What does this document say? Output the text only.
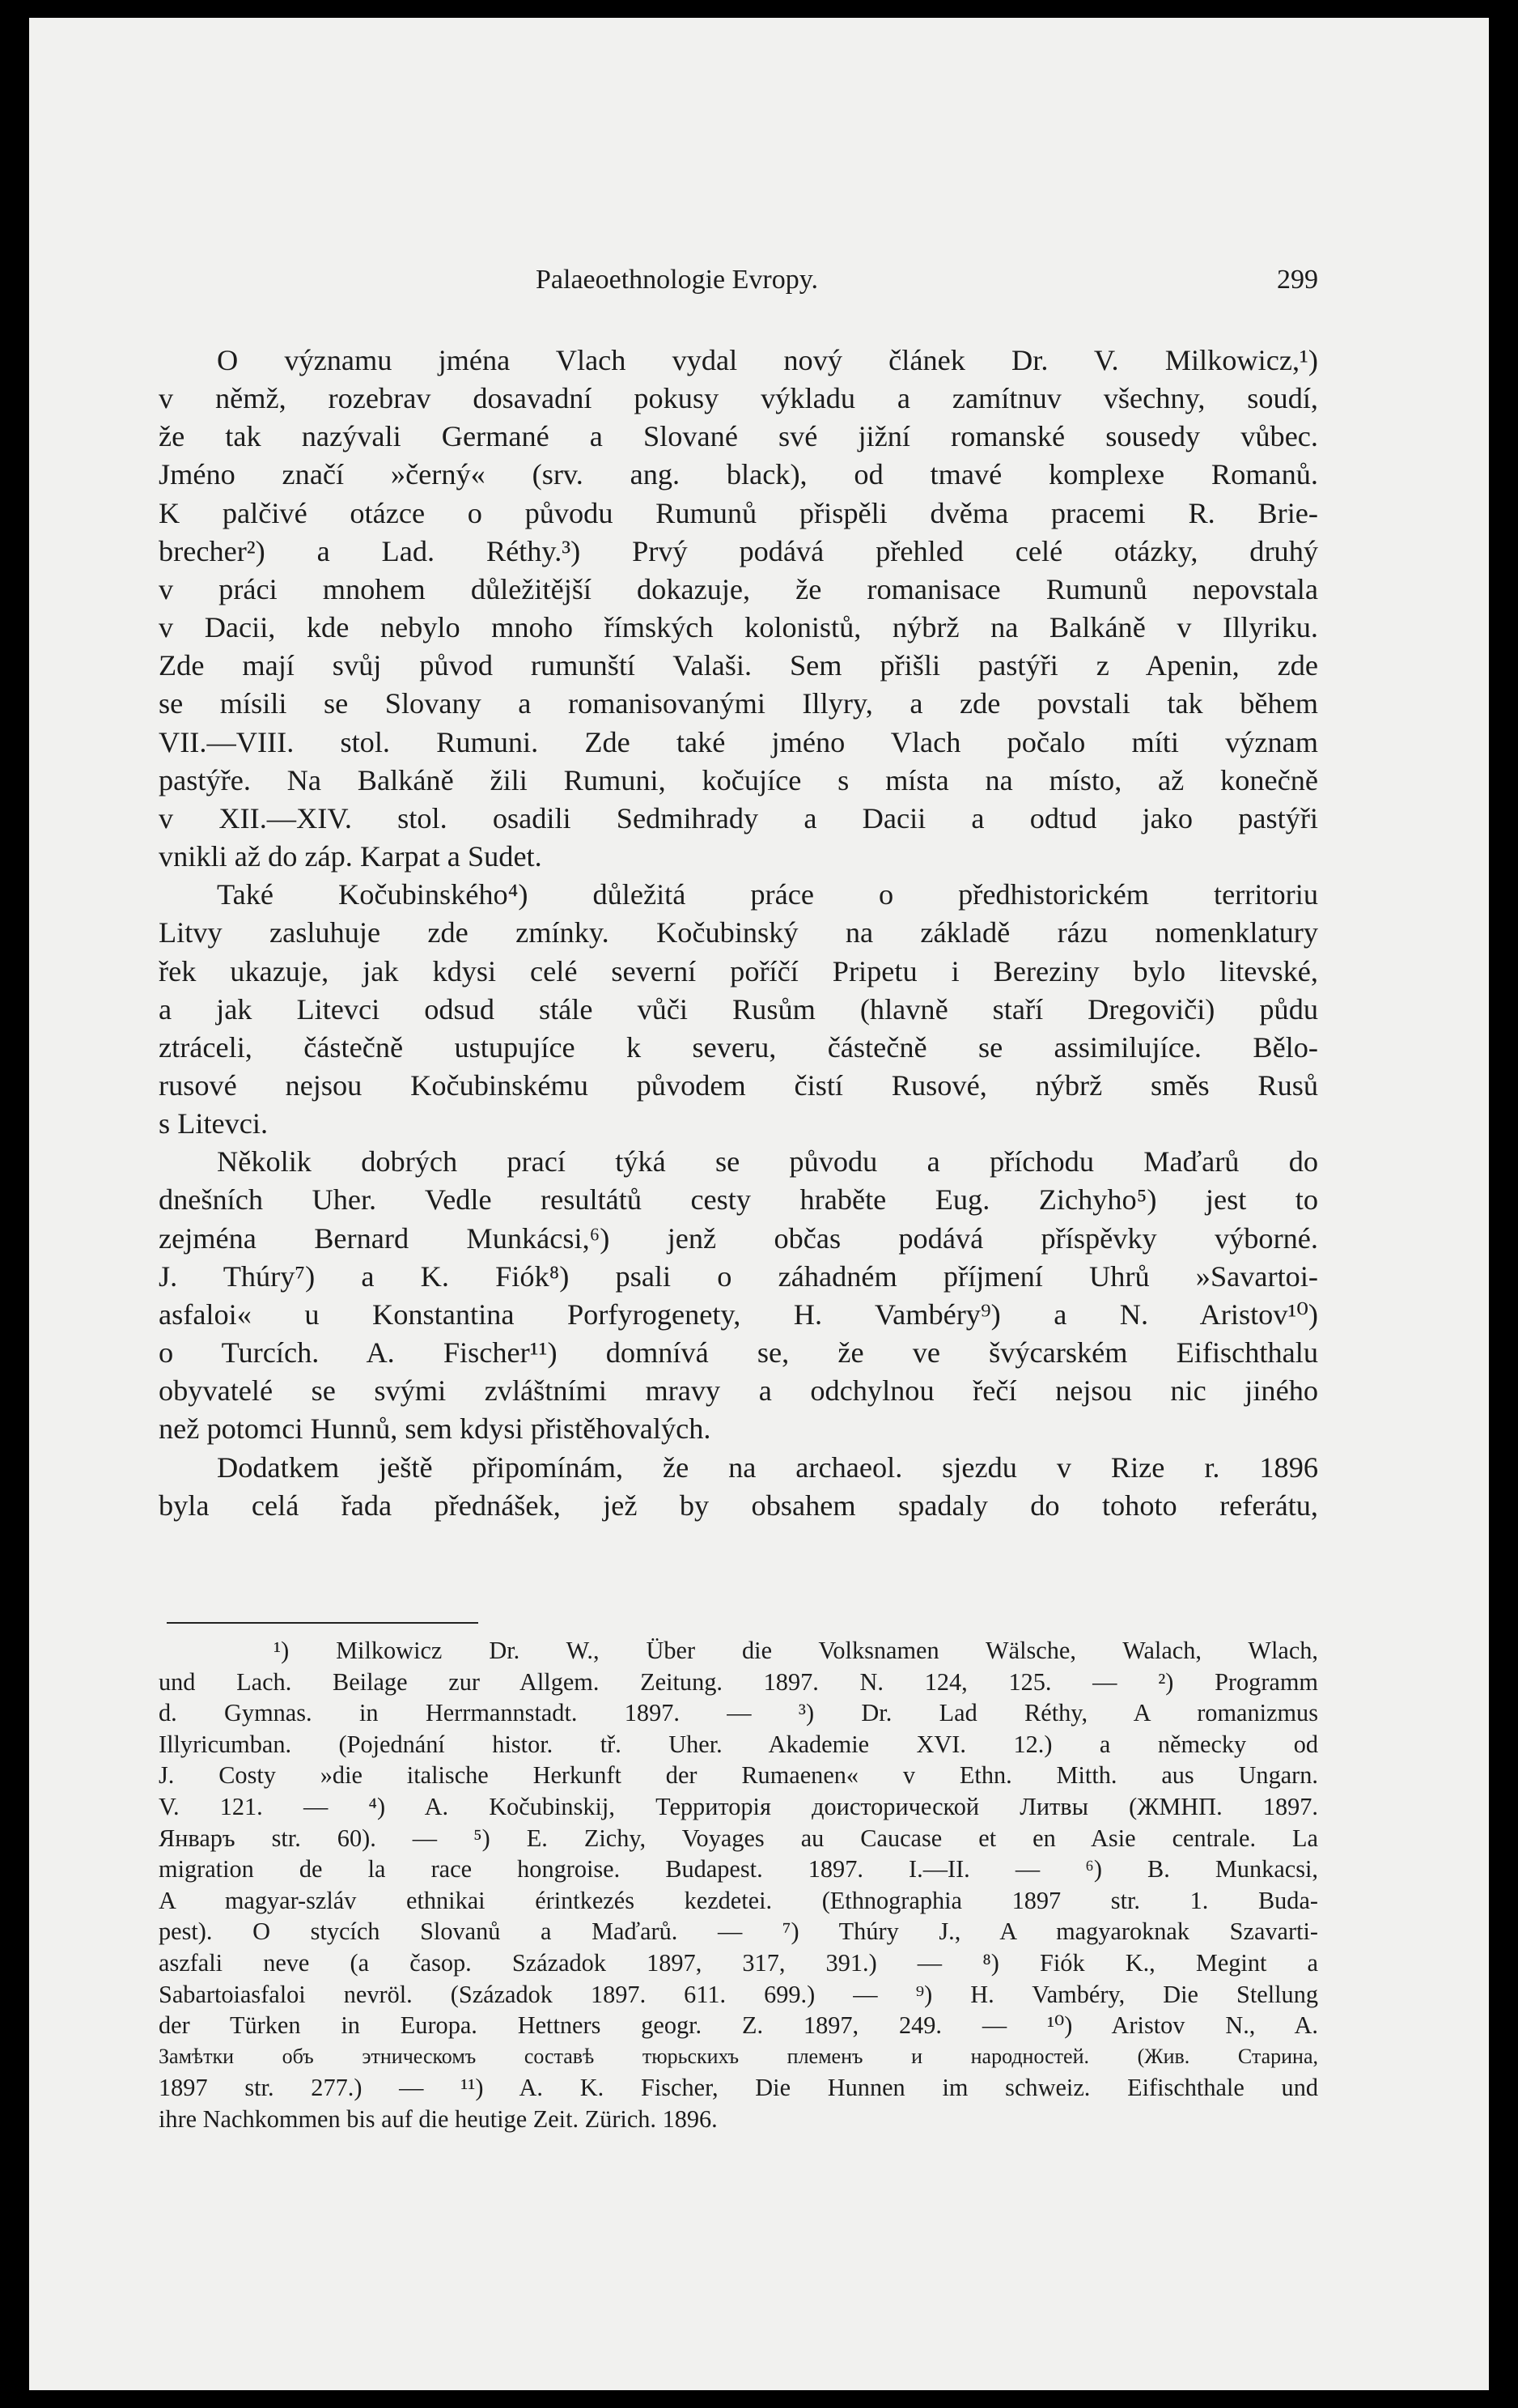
Palaeoethnologie Evropy.	299
O významu jména Vlach vydal nový článek Dr. V. Milkowicz,¹)
v němž, rozebrav dosavadní pokusy výkladu a zamítnuv všechny, soudí,
že tak nazývali Germané a Slované své jižní romanské sousedy vůbec.
Jméno značí »černý« (srv. ang. black), od tmavé komplexe Romanů.
K palčivé otázce o původu Rumunů přispěli dvěma pracemi R. Brie-
brecher²) a Lad. Réthy.³) Prvý podává přehled celé otázky, druhý
v práci mnohem důležitější dokazuje, že romanisace Rumunů nepovstala
v Dacii, kde nebylo mnoho římských kolonistů, nýbrž na Balkáně v Illyriku.
Zde mají svůj původ rumunští Valaši. Sem přišli pastýři z Apenin, zde
se mísili se Slovany a romanisovanými Illyry, a zde povstali tak během
VII.—VIII. stol. Rumuni. Zde také jméno Vlach počalo míti význam
pastýře. Na Balkáně žili Rumuni, kočujíce s místa na místo, až konečně
v XII.—XIV. stol. osadili Sedmihrady a Dacii a odtud jako pastýři
vnikli až do záp. Karpat a Sudet.
Také Kočubinského⁴) důležitá práce o předhistorickém territoriu
Litvy zasluhuje zde zmínky. Kočubinský na základě rázu nomenklatury
řek ukazuje, jak kdysi celé severní poříčí Pripetu i Bereziny bylo litevské,
a jak Litevci odsud stále vůči Rusům (hlavně staří Dregoviči) půdu
ztráceli, částečně ustupujíce k severu, částečně se assimilujíce. Bělo-
rusové nejsou Kočubinskému původem čistí Rusové, nýbrž směs Rusů
s Litevci.
Několik dobrých prací týká se původu a příchodu Maďarů do
dnešních Uher. Vedle resultátů cesty hraběte Eug. Zichyho⁵) jest to
zejména Bernard Munkácsi,⁶) jenž občas podává příspěvky výborné.
J. Thúry⁷) a K. Fiók⁸) psali o záhadném příjmení Uhrů »Savartoi-
asfaloi« u Konstantina Porfyrogenety, H. Vambéry⁹) a N. Aristov¹⁰)
o Turcích. A. Fischer¹¹) domnívá se, že ve švýcarském Eifischthalu
obyvatelé se svými zvláštními mravy a odchylnou řečí nejsou nic jiného
než potomci Hunnů, sem kdysi přistěhovalých.
Dodatkem ještě připomínám, že na archaeol. sjezdu v Rize r. 1896
byla celá řada přednášek, jež by obsahem spadaly do tohoto referátu,
¹) Milkowicz Dr. W., Über die Volksnamen Wälsche, Walach, Wlach,
und Lach. Beilage zur Allgem. Zeitung. 1897. N. 124, 125. — ²) Programm
d. Gymnas. in Herrmannstadt. 1897. — ³) Dr. Lad Réthy, A romanizmus
Illyricumban. (Pojednání histor. tř. Uher. Akademie XVI. 12.) a německy od
J. Costy »die italische Herkunft der Rumaenen« v Ethn. Mitth. aus Ungarn.
V. 121. — ⁴) A. Kočubinskij, Территорія доисторической Литвы (ЖМНП. 1897.
Январъ str. 60). — ⁵) E. Zichy, Voyages au Caucase et en Asie centrale. La
migration de la race hongroise. Budapest. 1897. I.—II. — ⁶) B. Munkacsi,
A magyar-szláv ethnikai érintkezés kezdetei. (Ethnographia 1897 str. 1. Buda-
pest). O stycích Slovanů a Maďarů. — ⁷) Thúry J., A magyaroknak Szavarti-
aszfali neve (a časop. Századok 1897, 317, 391.) — ⁸) Fiók K., Megint a
Sabartoiasfaloi nevröl. (Századok 1897. 611. 699.) — ⁹) H. Vambéry, Die Stellung
der Türken in Europa. Hettners geogr. Z. 1897, 249. — ¹⁰) Aristov N., A.
Замѣтки объ этническомъ составѣ тюрьскихъ племенъ и народностей. (Жив. Старина,
1897 str. 277.) — ¹¹) A. K. Fischer, Die Hunnen im schweiz. Eifischthale und
ihre Nachkommen bis auf die heutige Zeit. Zürich. 1896.
